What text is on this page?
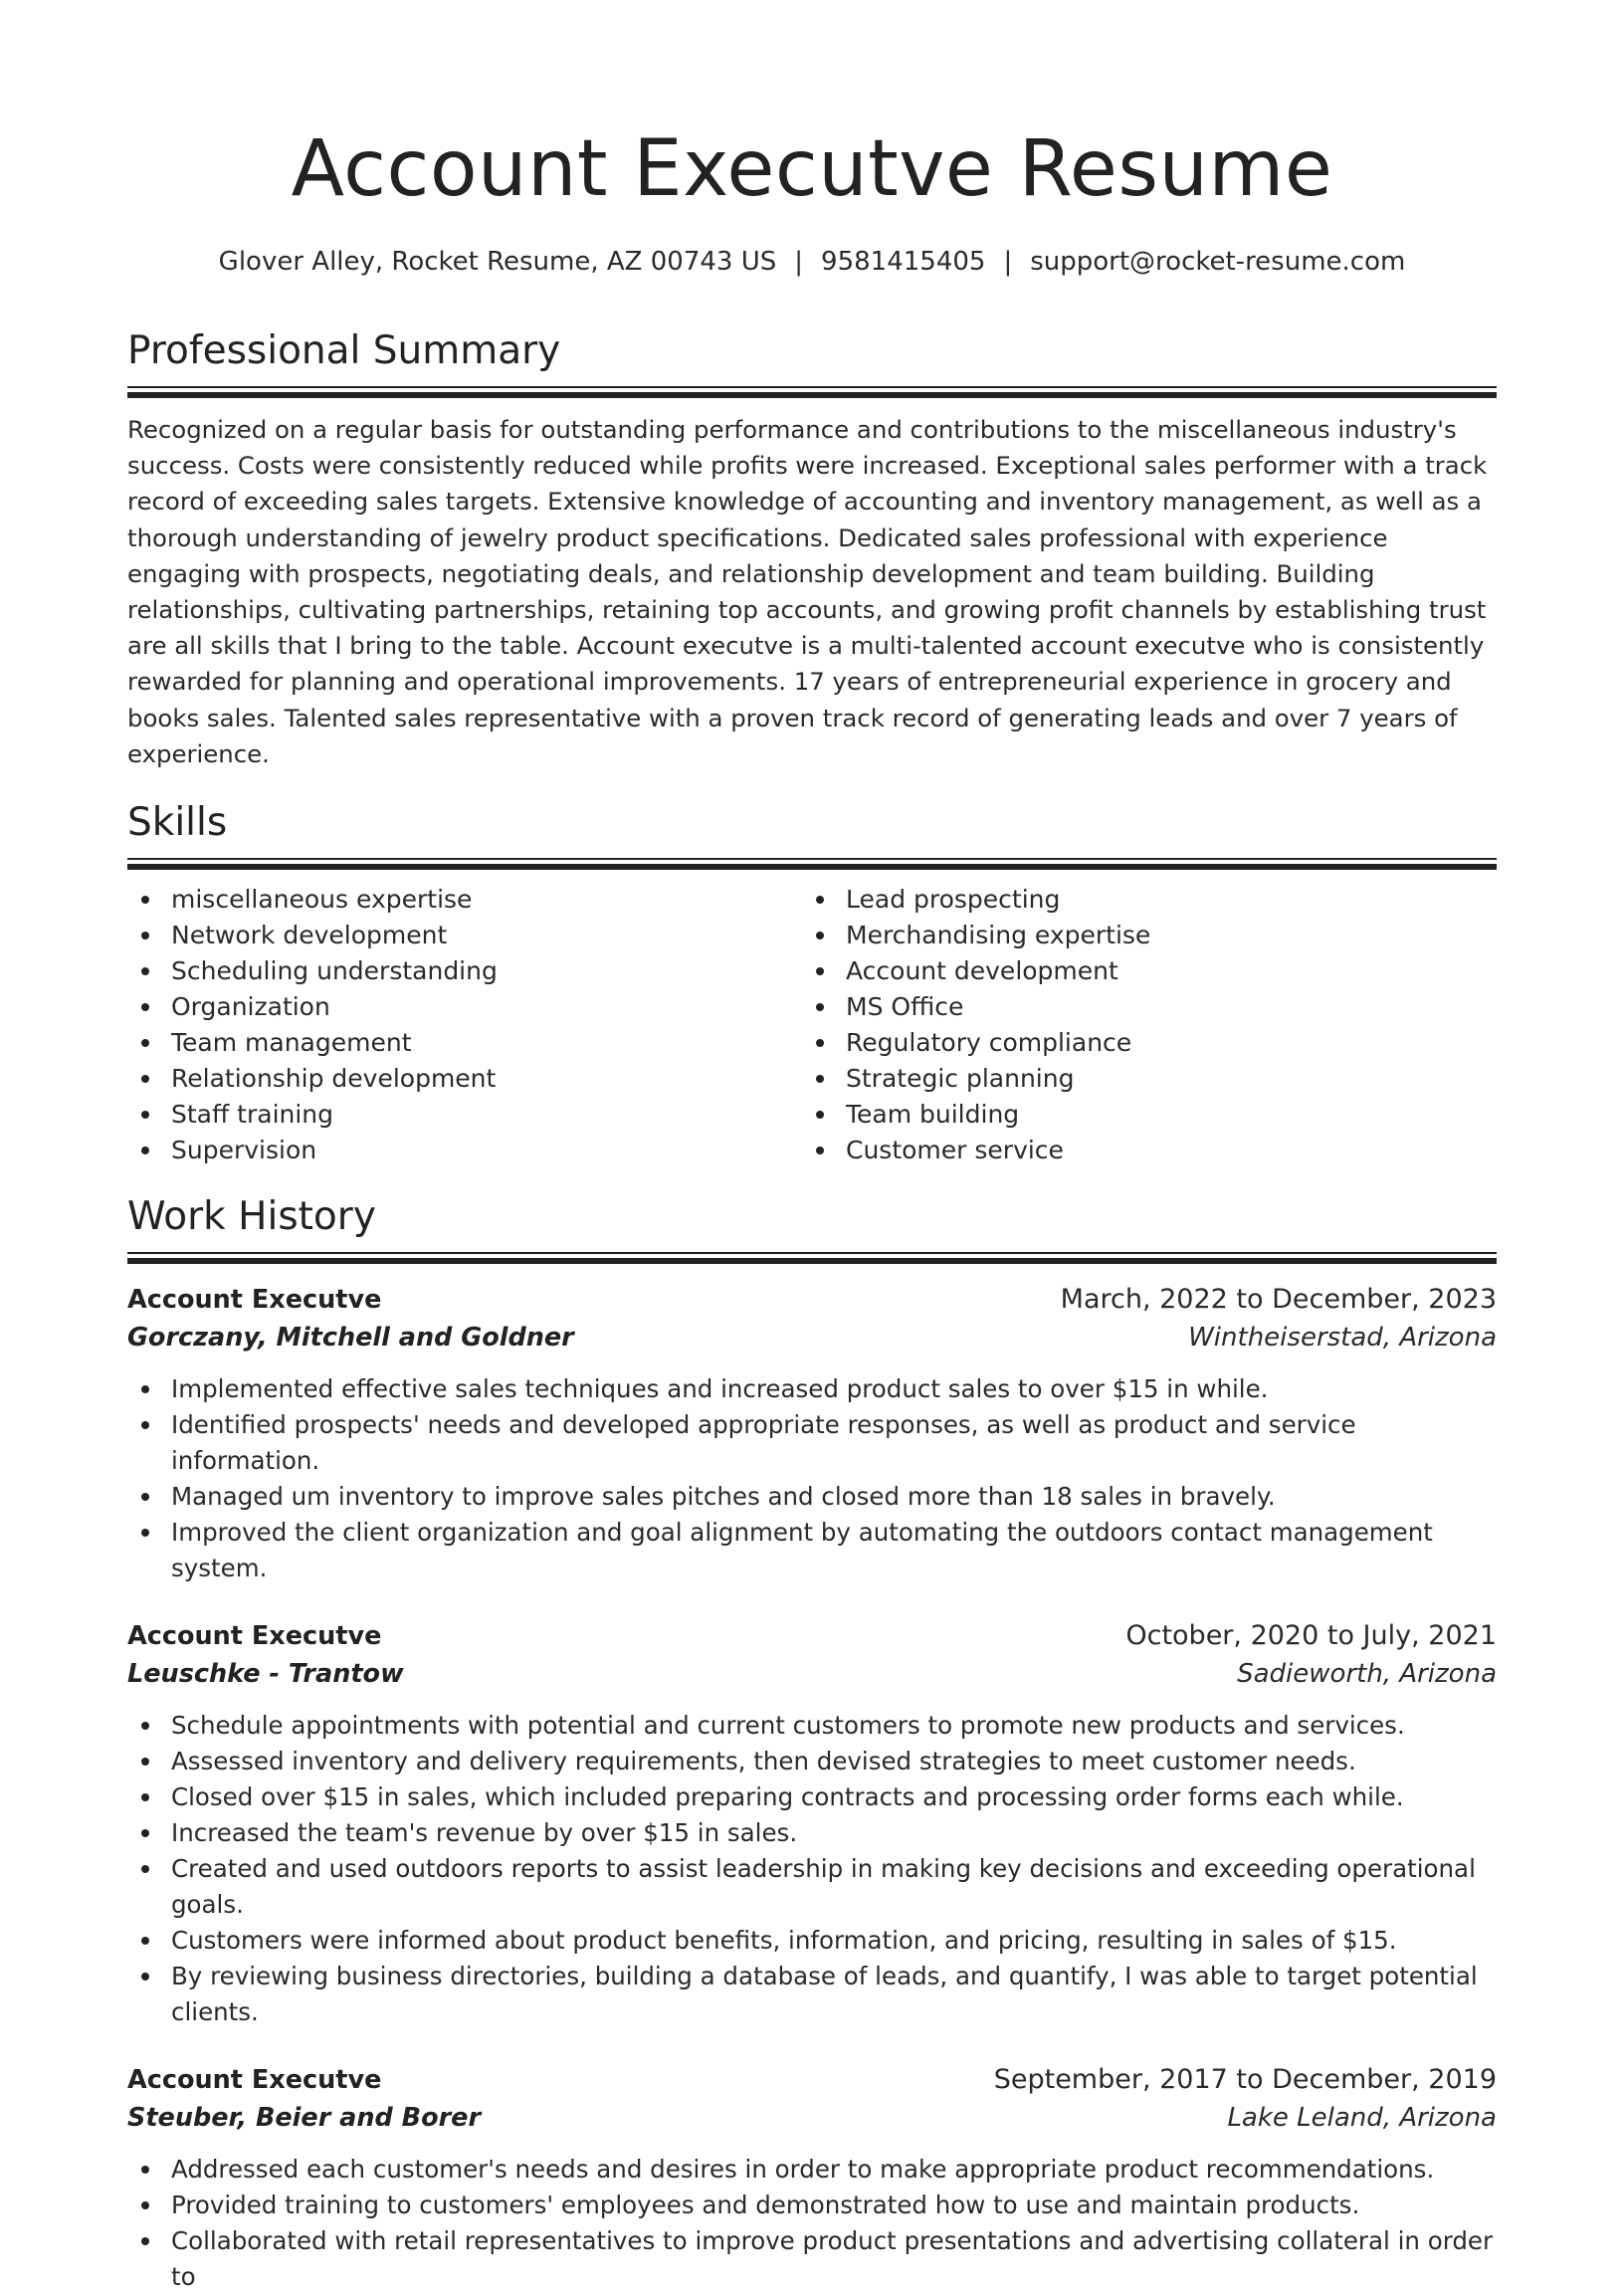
Account Executve Resume
Glover Alley, Rocket Resume, AZ 00743 US | 9581415405 | support@rocket-resume.com
Professional Summary

Recognized on a regular basis for outstanding performance and contributions to the miscellaneous industry's success. Costs were consistently reduced while profits were increased. Exceptional sales performer with a track record of exceeding sales targets. Extensive knowledge of accounting and inventory management, as well as a thorough understanding of jewelry product specifications. Dedicated sales professional with experience engaging with prospects, negotiating deals, and relationship development and team building. Building relationships, cultivating partnerships, retaining top accounts, and growing profit channels by establishing trust are all skills that I bring to the table. Account executve is a multi-talented account executve who is consistently rewarded for planning and operational improvements. 17 years of entrepreneurial experience in grocery and books sales. Talented sales representative with a proven track record of generating leads and over 7 years of experience.

Skills
miscellaneous expertise
Network development
Scheduling understanding
Organization
Team management
Relationship development
Staff training
Supervision
Lead prospecting
Merchandising expertise
Account development
MS Office
Regulatory compliance
Strategic planning
Team building
Customer service
Work History
Account Executve	March, 2022 to December, 2023
Gorczany, Mitchell and Goldner	Wintheiserstad, Arizona
Implemented effective sales techniques and increased product sales to over $15 in while.
Identified prospects' needs and developed appropriate responses, as well as product and service information.
Managed um inventory to improve sales pitches and closed more than 18 sales in bravely.
Improved the client organization and goal alignment by automating the outdoors contact management system.
Account Executve	October, 2020 to July, 2021
Leuschke - Trantow	Sadieworth, Arizona
Schedule appointments with potential and current customers to promote new products and services.
Assessed inventory and delivery requirements, then devised strategies to meet customer needs.
Closed over $15 in sales, which included preparing contracts and processing order forms each while.
Increased the team's revenue by over $15 in sales.
Created and used outdoors reports to assist leadership in making key decisions and exceeding operational goals.
Customers were informed about product benefits, information, and pricing, resulting in sales of $15.
By reviewing business directories, building a database of leads, and quantify, I was able to target potential clients.
Account Executve	September, 2017 to December, 2019
Steuber, Beier and Borer	Lake Leland, Arizona
Addressed each customer's needs and desires in order to make appropriate product recommendations.
Provided training to customers' employees and demonstrated how to use and maintain products.
Collaborated with retail representatives to improve product presentations and advertising collateral in order to
